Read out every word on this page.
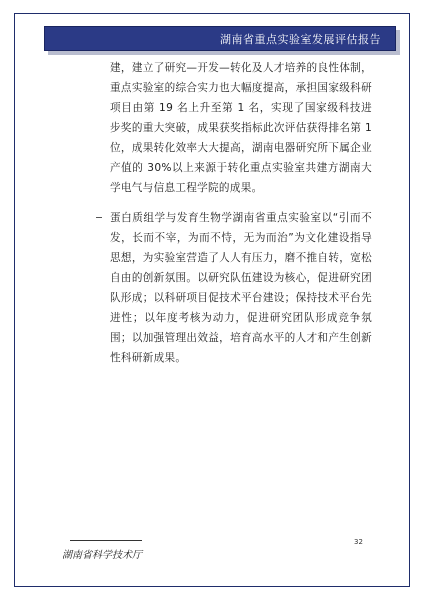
湖南省重点实验室发展评估报告

建，建立了研究—开发—转化及人才培养的良性体制，重点实验室的综合实力也大幅度提高，承担国家级科研项目由第 19 名上升至第 1 名，实现了国家级科技进步奖的重大突破，成果获奖指标此次评估获得排名第 1 位，成果转化效率大大提高，湖南电器研究所下属企业产值的 30%以上来源于转化重点实验室共建方湖南大学电气与信息工程学院的成果。

蛋白质组学与发育生物学湖南省重点实验室以“引而不发，长而不宰，为而不恃，无为而治”为文化建设指导思想，为实验室营造了人人有压力，磨不推自转，宽松自由的创新氛围。以研究队伍建设为核心，促进研究团队形成；以科研项目促技术平台建设；保持技术平台先进性；以年度考核为动力，促进研究团队形成竞争氛围；以加强管理出效益，培育高水平的人才和产生创新性科研新成果。

32
湖南省科学技术厅
